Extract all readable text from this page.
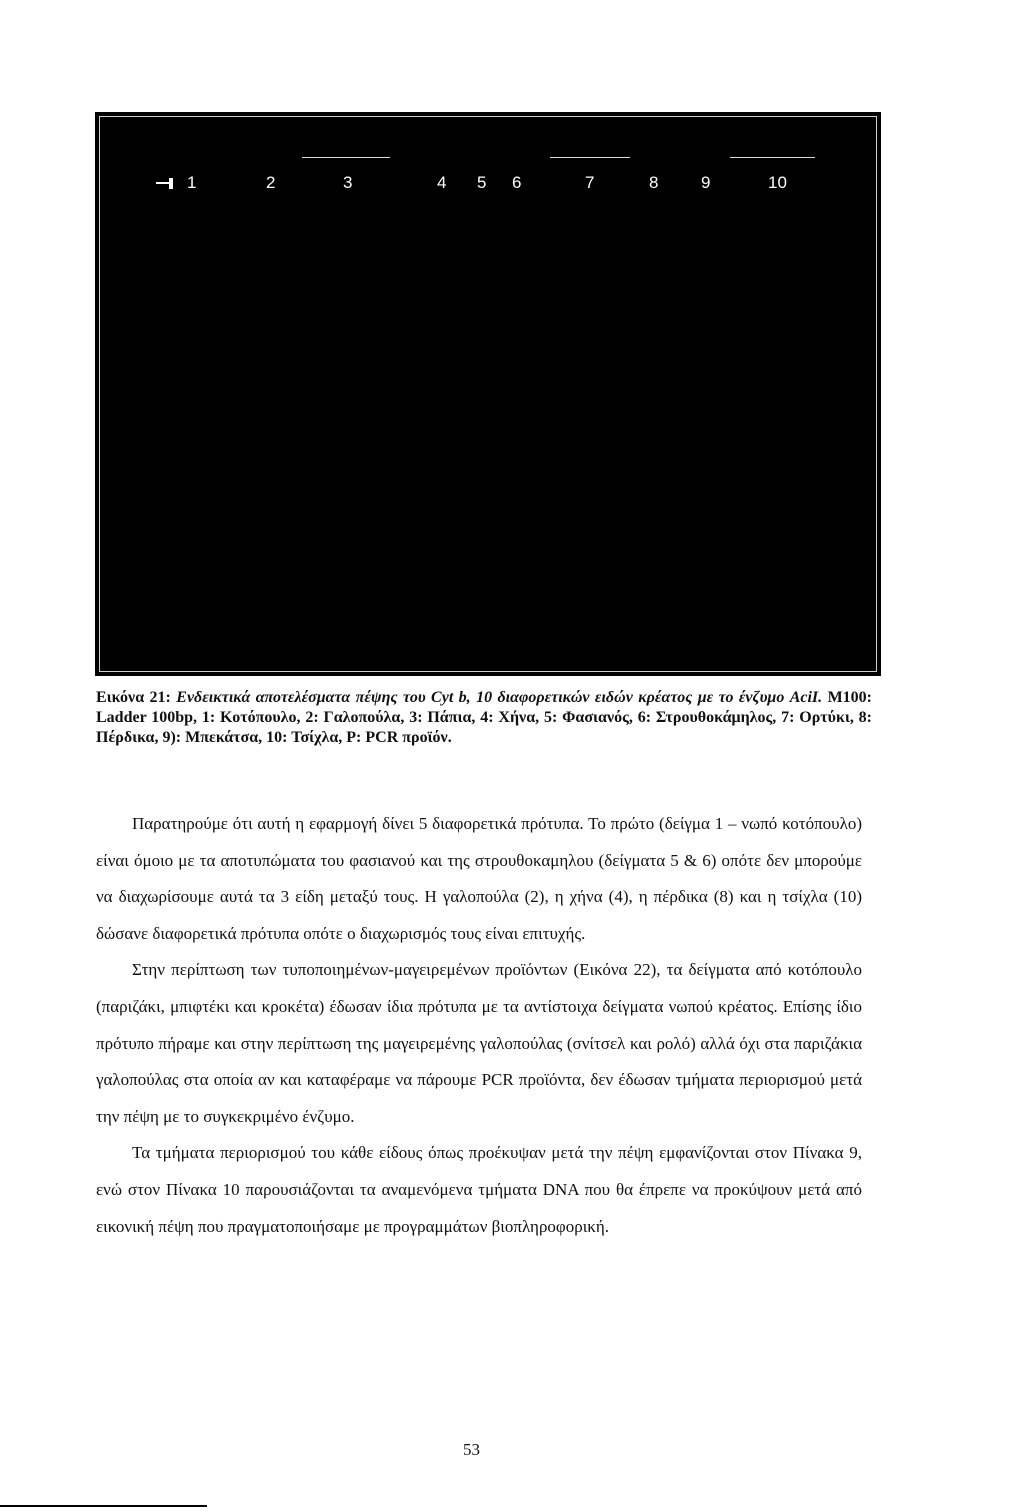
1	2	3	4 5 6	7	8	9	10
Εικόνα 21: Ενδεικτικά αποτελέσματα πέψης του Cyt b, 10 διαφορετικών ειδών κρέατος με το ένζυμο AciI. M100: Ladder 100bp, 1: Κοτόπουλο, 2: Γαλοπούλα, 3: Πάπια, 4: Χήνα, 5: Φασιανός, 6: Στρουθοκάμηλος, 7: Ορτύκι, 8: Πέρδικα, 9): Μπεκάτσα, 10: Τσίχλα, P: PCR προϊόν.

Παρατηρούμε ότι αυτή η εφαρμογή δίνει 5 διαφορετικά πρότυπα. Το πρώτο (δείγμα 1 – νωπό κοτόπουλο) είναι όμοιο με τα αποτυπώματα του φασιανού και της στρουθοκαμηλου (δείγματα 5 & 6) οπότε δεν μπορούμε να διαχωρίσουμε αυτά τα 3 είδη μεταξύ τους. Η γαλοπούλα (2), η χήνα (4), η πέρδικα (8) και η τσίχλα (10) δώσανε διαφορετικά πρότυπα οπότε ο διαχωρισμός τους είναι επιτυχής.

Στην περίπτωση των τυποποιημένων-μαγειρεμένων προϊόντων (Εικόνα 22), τα δείγματα από κοτόπουλο (παριζάκι, μπιφτέκι και κροκέτα) έδωσαν ίδια πρότυπα με τα αντίστοιχα δείγματα νωπού κρέατος. Επίσης ίδιο πρότυπο πήραμε και στην περίπτωση της μαγειρεμένης γαλοπούλας (σνίτσελ και ρολό) αλλά όχι στα παριζάκια γαλοπούλας στα οποία αν και καταφέραμε να πάρουμε PCR προϊόντα, δεν έδωσαν τμήματα περιορισμού μετά την πέψη με το συγκεκριμένο ένζυμο.

Τα τμήματα περιορισμού του κάθε είδους όπως προέκυψαν μετά την πέψη εμφανίζονται στον Πίνακα 9, ενώ στον Πίνακα 10 παρουσιάζονται τα αναμενόμενα τμήματα DNA που θα έπρεπε να προκύψουν μετά από εικονική πέψη που πραγματοποιήσαμε με προγραμμάτων βιοπληροφορική.

53
